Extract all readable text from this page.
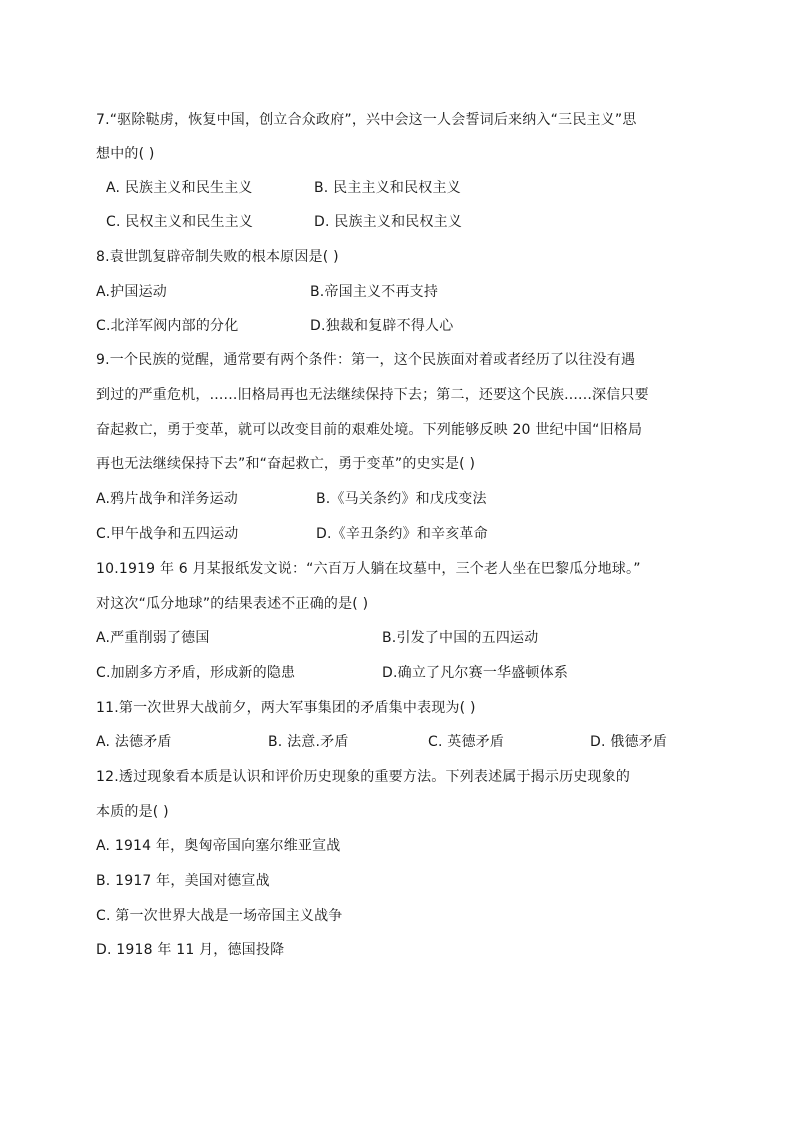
7.“驱除鞑虏，恢复中国，创立合众政府”，兴中会这一人会誓词后来纳入“三民主义”思
想中的( )
A. 民族主义和民生主义	B. 民主主义和民权主义
C. 民权主义和民生主义	D. 民族主义和民权主义
8.袁世凯复辟帝制失败的根本原因是( )
A.护国运动	B.帝国主义不再支持
C.北洋军阀内部的分化	D.独裁和复辟不得人心
9.一个民族的觉醒，通常要有两个条件：第一，这个民族面对着或者经历了以往没有遇
到过的严重危机，......旧格局再也无法继续保持下去；第二，还要这个民族......深信只要
奋起救亡，勇于变革，就可以改变目前的艰难处境。下列能够反映 20 世纪中国“旧格局
再也无法继续保持下去”和“奋起救亡，勇于变革”的史实是( )
A.鸦片战争和洋务运动	B.《马关条约》和戊戌变法
C.甲午战争和五四运动	D.《辛丑条约》和辛亥革命
10.1919 年 6 月某报纸发文说：“六百万人躺在坟墓中，三个老人坐在巴黎瓜分地球。”
对这次“瓜分地球”的结果表述不正确的是( )
A.严重削弱了德国	B.引发了中国的五四运动
C.加剧多方矛盾，形成新的隐患	D.确立了凡尔赛一华盛顿体系
11.第一次世界大战前夕，两大军事集团的矛盾集中表现为( )
A. 法德矛盾	B. 法意.矛盾	C. 英德矛盾	D. 俄德矛盾
12.透过现象看本质是认识和评价历史现象的重要方法。下列表述属于揭示历史现象的
本质的是( )
A. 1914 年，奥匈帝国向塞尔维亚宣战
B. 1917 年，美国对德宣战
C. 第一次世界大战是一场帝国主义战争
D. 1918 年 11 月，德国投降
